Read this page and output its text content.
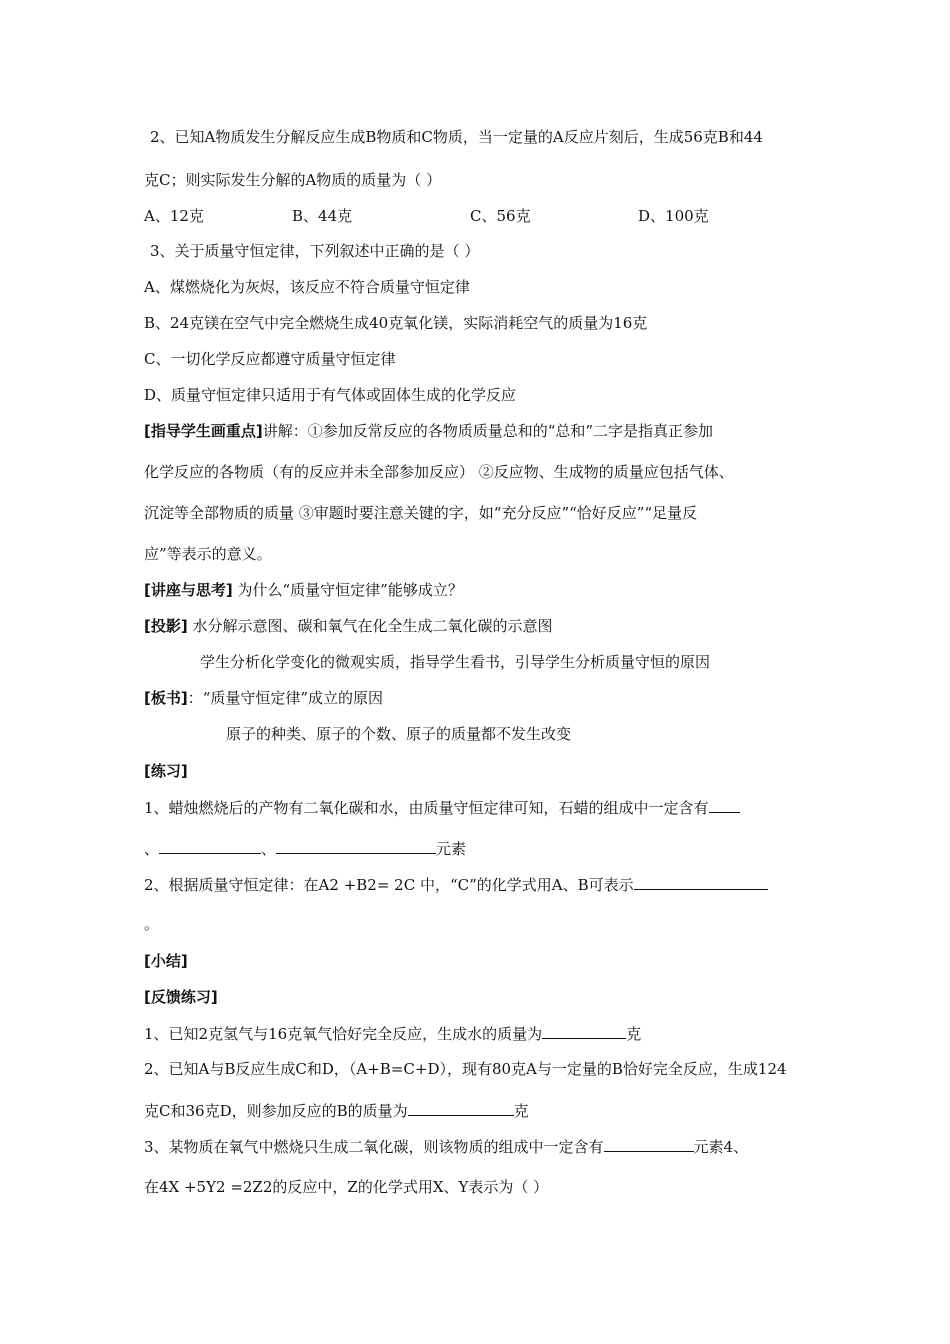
2、已知A物质发生分解反应生成B物质和C物质，当一定量的A反应片刻后，生成56克B和44
克C；则实际发生分解的A物质的质量为（ ）
A、12克	B、44克	C、56克	D、100克
3、关于质量守恒定律，下列叙述中正确的是（ ）
A、煤燃烧化为灰烬，该反应不符合质量守恒定律
B、24克镁在空气中完全燃烧生成40克氧化镁，实际消耗空气的质量为16克
C、一切化学反应都遵守质量守恒定律
D、质量守恒定律只适用于有气体或固体生成的化学反应
[指导学生画重点]讲解：①参加反常反应的各物质质量总和的“总和”二字是指真正参加
化学反应的各物质（有的反应并未全部参加反应） ②反应物、生成物的质量应包括气体、
沉淀等全部物质的质量 ③审题时要注意关键的字，如“充分反应”“恰好反应”“足量反
应”等表示的意义。
[讲座与思考] 为什么“质量守恒定律”能够成立？
[投影] 水分解示意图、碳和氧气在化全生成二氧化碳的示意图
学生分析化学变化的微观实质，指导学生看书，引导学生分析质量守恒的原因
[板书]：“质量守恒定律”成立的原因
原子的种类、原子的个数、原子的质量都不发生改变
[练习]
1、蜡烛燃烧后的产物有二氧化碳和水，由质量守恒定律可知，石蜡的组成中一定含有
、	、	元素
2、根据质量守恒定律：在A2 +B2= 2C 中，“C”的化学式用A、B可表示
。
[小结]
[反馈练习]
1、已知2克氢气与16克氧气恰好完全反应，生成水的质量为	克
2、已知A与B反应生成C和D，（A+B=C+D），现有80克A与一定量的B恰好完全反应，生成124
克C和36克D，则参加反应的B的质量为	克
3、某物质在氧气中燃烧只生成二氧化碳，则该物质的组成中一定含有	元素4、
在4X +5Y2 =2Z2的反应中，Z的化学式用X、Y表示为（ ）
